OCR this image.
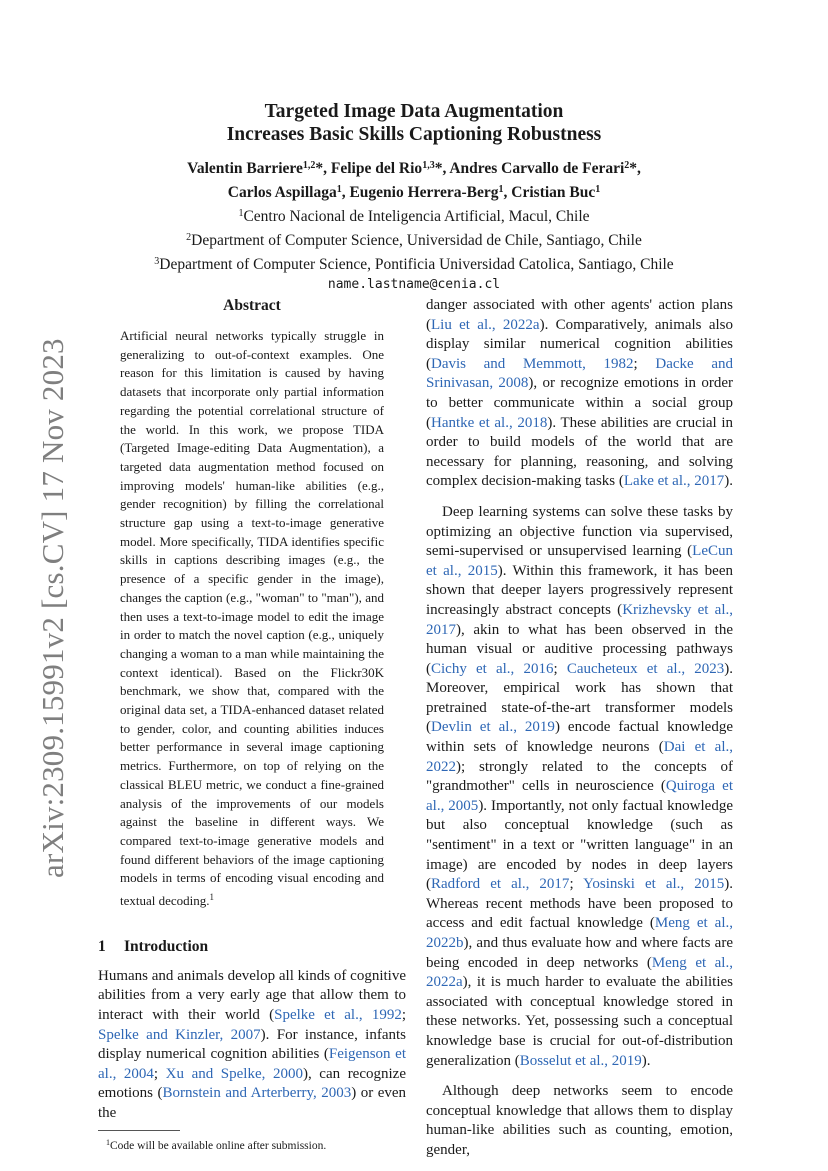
arXiv:2309.15991v2 [cs.CV] 17 Nov 2023
Targeted Image Data Augmentation
Increases Basic Skills Captioning Robustness
Valentin Barriere$^{1,2}$*, Felipe del Rio$^{1,3}$*, Andres Carvallo de Ferari$^2$*,
Carlos Aspillaga$^1$, Eugenio Herrera-Berg$^1$, Cristian Buc$^1$
$^1$Centro Nacional de Inteligencia Artificial, Macul, Chile
$^2$Department of Computer Science, Universidad de Chile, Santiago, Chile
$^3$Department of Computer Science, Pontificia Universidad Catolica, Santiago, Chile
name.lastname@cenia.cl
Abstract

Artificial neural networks typically struggle in generalizing to out-of-context examples. One reason for this limitation is caused by having datasets that incorporate only partial information regarding the potential correlational structure of the world. In this work, we propose TIDA (Targeted Image-editing Data Augmentation), a targeted data augmentation method focused on improving models' human-like abilities (e.g., gender recognition) by filling the correlational structure gap using a text-to-image generative model. More specifically, TIDA identifies specific skills in captions describing images (e.g., the presence of a specific gender in the image), changes the caption (e.g., "woman" to "man"), and then uses a text-to-image model to edit the image in order to match the novel caption (e.g., uniquely changing a woman to a man while maintaining the context identical). Based on the Flickr30K benchmark, we show that, compared with the original data set, a TIDA-enhanced dataset related to gender, color, and counting abilities induces better performance in several image captioning metrics. Furthermore, on top of relying on the classical BLEU metric, we conduct a fine-grained analysis of the improvements of our models against the baseline in different ways. We compared text-to-image generative models and found different behaviors of the image captioning models in terms of encoding visual encoding and textual decoding.$^1$

1 Introduction

Humans and animals develop all kinds of cognitive abilities from a very early age that allow them to interact with their world (Spelke et al., 1992; Spelke and Kinzler, 2007). For instance, infants display numerical cognition abilities (Feigenson et al., 2004; Xu and Spelke, 2000), can recognize emotions (Bornstein and Arterberry, 2003) or even the

$^1$Code will be available online after submission.

danger associated with other agents' action plans (Liu et al., 2022a). Comparatively, animals also display similar numerical cognition abilities (Davis and Memmott, 1982; Dacke and Srinivasan, 2008), or recognize emotions in order to better communicate within a social group (Hantke et al., 2018). These abilities are crucial in order to build models of the world that are necessary for planning, reasoning, and solving complex decision-making tasks (Lake et al., 2017).

Deep learning systems can solve these tasks by optimizing an objective function via supervised, semi-supervised or unsupervised learning (LeCun et al., 2015). Within this framework, it has been shown that deeper layers progressively represent increasingly abstract concepts (Krizhevsky et al., 2017), akin to what has been observed in the human visual or auditive processing pathways (Cichy et al., 2016; Caucheteux et al., 2023). Moreover, empirical work has shown that pretrained state-of-the-art transformer models (Devlin et al., 2019) encode factual knowledge within sets of knowledge neurons (Dai et al., 2022); strongly related to the concepts of "grandmother" cells in neuroscience (Quiroga et al., 2005). Importantly, not only factual knowledge but also conceptual knowledge (such as "sentiment" in a text or "written language" in an image) are encoded by nodes in deep layers (Radford et al., 2017; Yosinski et al., 2015). Whereas recent methods have been proposed to access and edit factual knowledge (Meng et al., 2022b), and thus evaluate how and where facts are being encoded in deep networks (Meng et al., 2022a), it is much harder to evaluate the abilities associated with conceptual knowledge stored in these networks. Yet, possessing such a conceptual knowledge base is crucial for out-of-distribution generalization (Bosselut et al., 2019).

Although deep networks seem to encode conceptual knowledge that allows them to display human-like abilities such as counting, emotion, gender,
